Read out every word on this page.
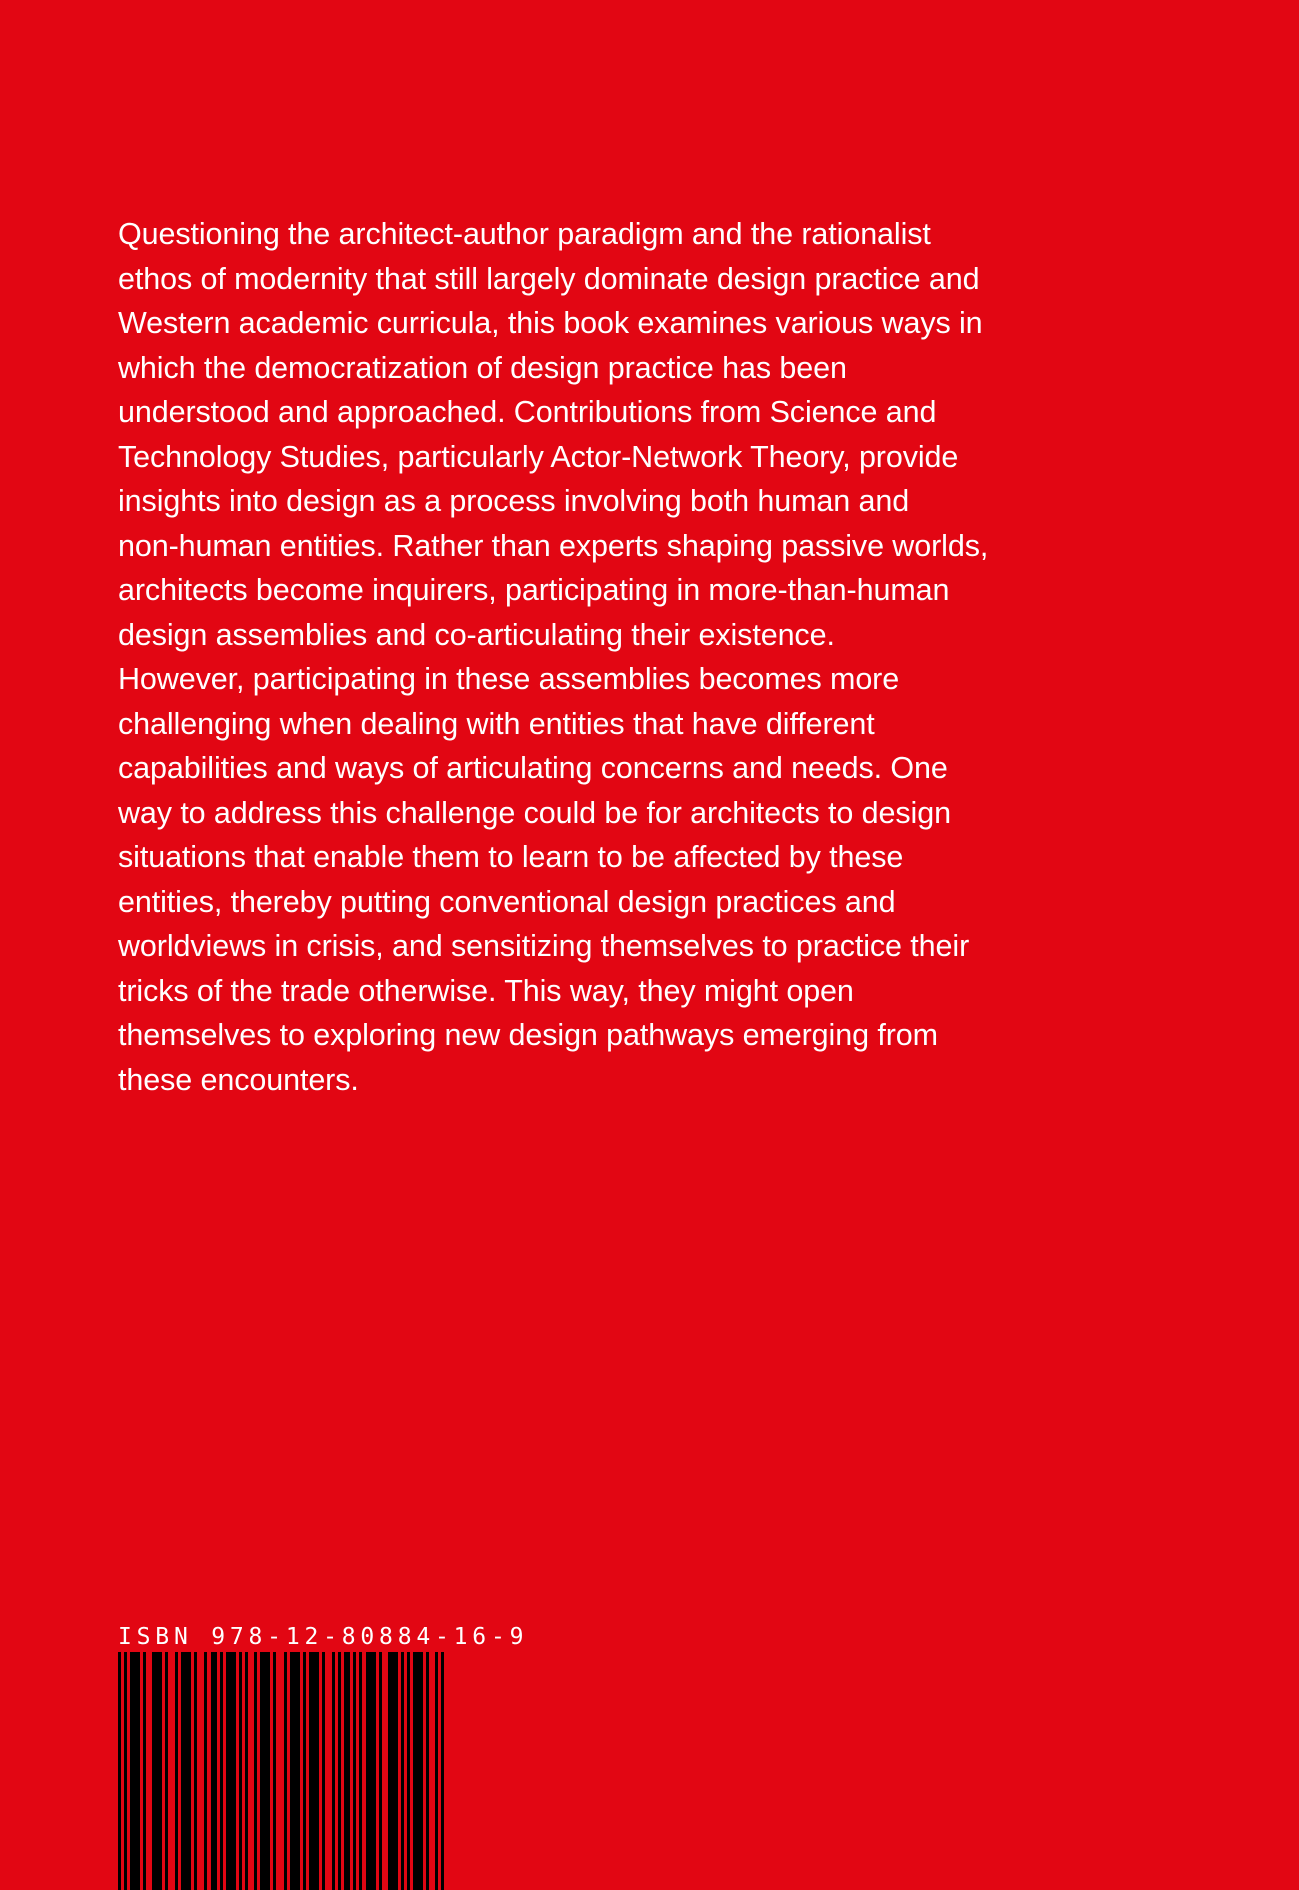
Questioning the architect-author paradigm and the rationalist
ethos of modernity that still largely dominate design practice and
Western academic curricula, this book examines various ways in
which the democratization of design practice has been
understood and approached. Contributions from Science and
Technology Studies, particularly Actor-Network Theory, provide
insights into design as a process involving both human and
non-human entities. Rather than experts shaping passive worlds,
architects become inquirers, participating in more-than-human
design assemblies and co-articulating their existence.
However, participating in these assemblies becomes more
challenging when dealing with entities that have different
capabilities and ways of articulating concerns and needs. One
way to address this challenge could be for architects to design
situations that enable them to learn to be affected by these
entities, thereby putting conventional design practices and
worldviews in crisis, and sensitizing themselves to practice their
tricks of the trade otherwise. This way, they might open
themselves to exploring new design pathways emerging from
these encounters.

ISBN 978-12-80884-16-9
